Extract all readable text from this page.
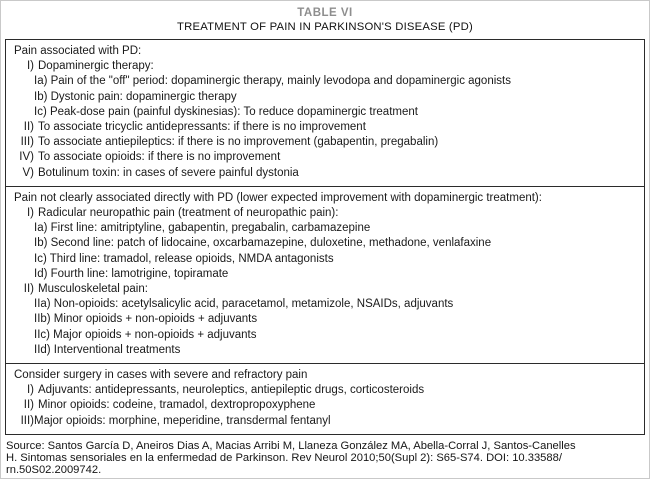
TABLE VI
TREATMENT OF PAIN IN PARKINSON'S DISEASE (PD)
Pain associated with PD:
I) Dopaminergic therapy:
Ia) Pain of the "off" period: dopaminergic therapy, mainly levodopa and dopaminergic agonists
Ib) Dystonic pain: dopaminergic therapy
Ic) Peak-dose pain (painful dyskinesias): To reduce dopaminergic treatment
II) To associate tricyclic antidepressants: if there is no improvement
III) To associate antiepileptics: if there is no improvement (gabapentin, pregabalin)
IV) To associate opioids: if there is no improvement
V) Botulinum toxin: in cases of severe painful dystonia
Pain not clearly associated directly with PD (lower expected improvement with dopaminergic treatment):
I) Radicular neuropathic pain (treatment of neuropathic pain):
Ia) First line: amitriptyline, gabapentin, pregabalin, carbamazepine
Ib) Second line: patch of lidocaine, oxcarbamazepine, duloxetine, methadone, venlafaxine
Ic) Third line: tramadol, release opioids, NMDA antagonists
Id) Fourth line: lamotrigine, topiramate
II) Musculoskeletal pain:
IIa) Non-opioids: acetylsalicylic acid, paracetamol, metamizole, NSAIDs, adjuvants
IIb) Minor opioids + non-opioids + adjuvants
IIc) Major opioids + non-opioids + adjuvants
IId) Interventional treatments
Consider surgery in cases with severe and refractory pain
I) Adjuvants: antidepressants, neuroleptics, antiepileptic drugs, corticosteroids
II) Minor opioids: codeine, tramadol, dextropropoxyphene
III) Major opioids: morphine, meperidine, transdermal fentanyl
Source: Santos García D, Aneiros Dias A, Macias Arribi M, Llaneza González MA, Abella-Corral J, Santos-Canelles
H. Sintomas sensoriales en la enfermedad de Parkinson. Rev Neurol 2010;50(Supl 2): S65-S74. DOI: 10.33588/
rn.50S02.2009742.
